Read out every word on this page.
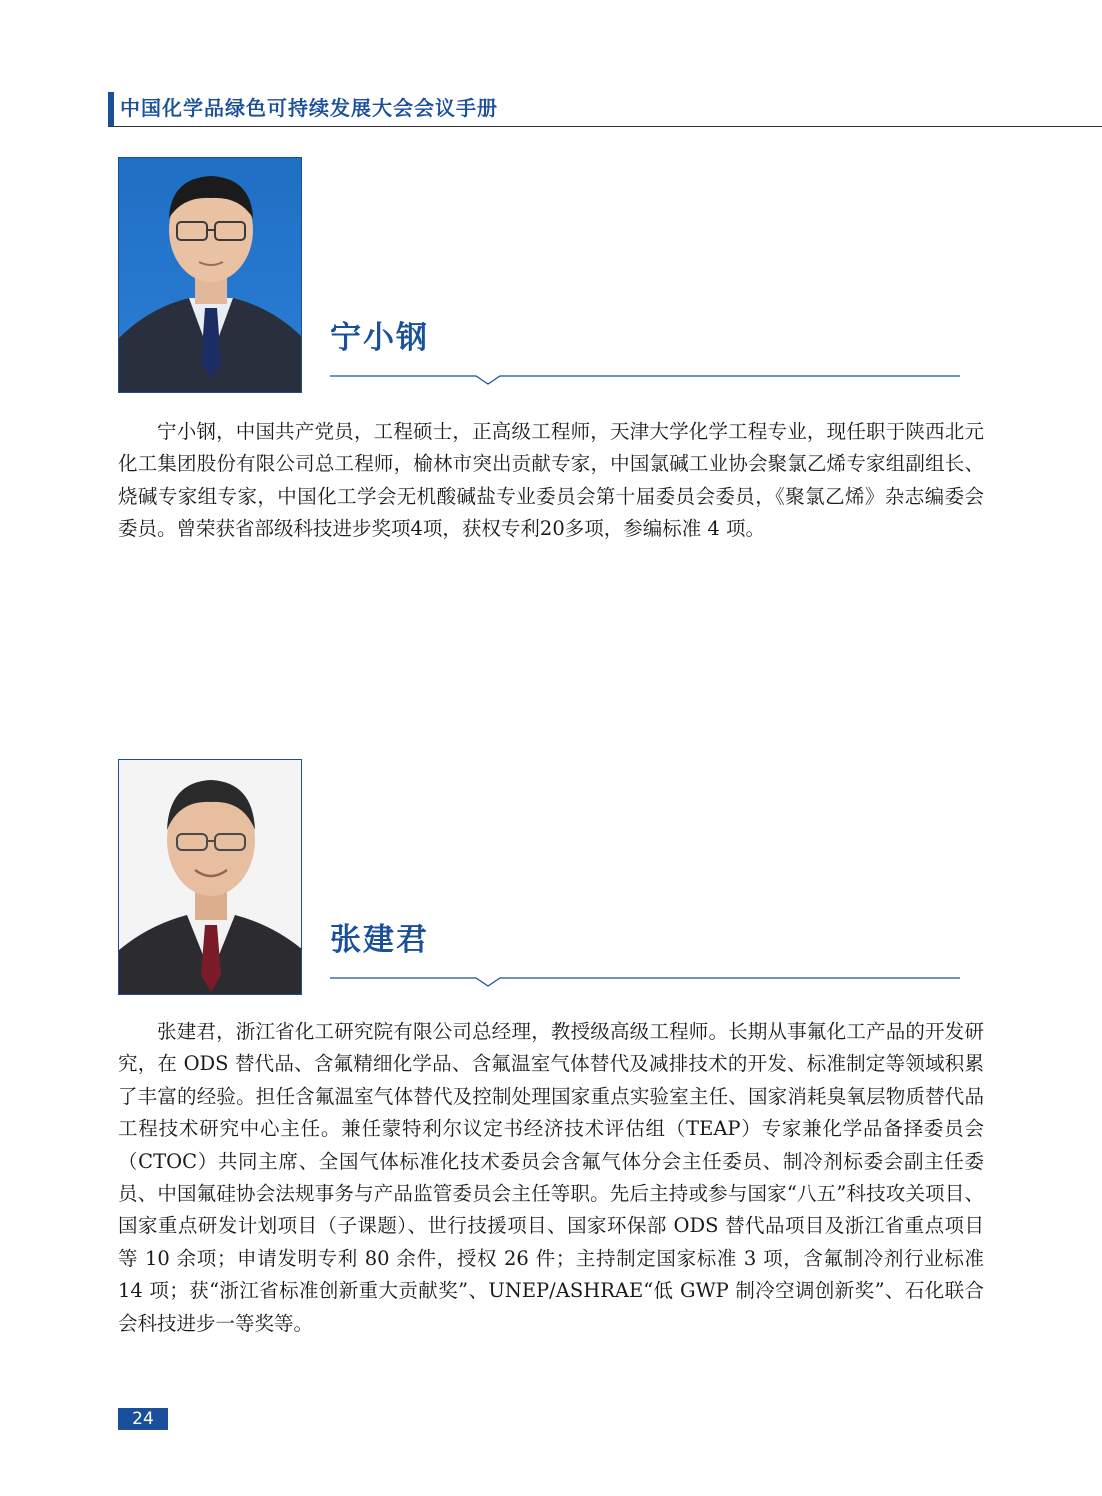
中国化学品绿色可持续发展大会会议手册
宁小钢

宁小钢，中国共产党员，工程硕士，正高级工程师，天津大学化学工程专业，现任职于陕西北元化工集团股份有限公司总工程师，榆林市突出贡献专家，中国氯碱工业协会聚氯乙烯专家组副组长、烧碱专家组专家，中国化工学会无机酸碱盐专业委员会第十届委员会委员，《聚氯乙烯》杂志编委会委员。曾荣获省部级科技进步奖项4项，获权专利20多项，参编标准 4 项。

张建君

张建君，浙江省化工研究院有限公司总经理，教授级高级工程师。长期从事氟化工产品的开发研究，在 ODS 替代品、含氟精细化学品、含氟温室气体替代及减排技术的开发、标准制定等领域积累了丰富的经验。担任含氟温室气体替代及控制处理国家重点实验室主任、国家消耗臭氧层物质替代品工程技术研究中心主任。兼任蒙特利尔议定书经济技术评估组（TEAP）专家兼化学品备择委员会（CTOC）共同主席、全国气体标准化技术委员会含氟气体分会主任委员、制冷剂标委会副主任委员、中国氟硅协会法规事务与产品监管委员会主任等职。先后主持或参与国家“八五”科技攻关项目、国家重点研发计划项目（子课题）、世行技援项目、国家环保部 ODS 替代品项目及浙江省重点项目等 10 余项；申请发明专利 80 余件，授权 26 件；主持制定国家标准 3 项，含氟制冷剂行业标准 14 项；获“浙江省标准创新重大贡献奖”、UNEP/ASHRAE“低 GWP 制冷空调创新奖”、石化联合会科技进步一等奖等。

24
